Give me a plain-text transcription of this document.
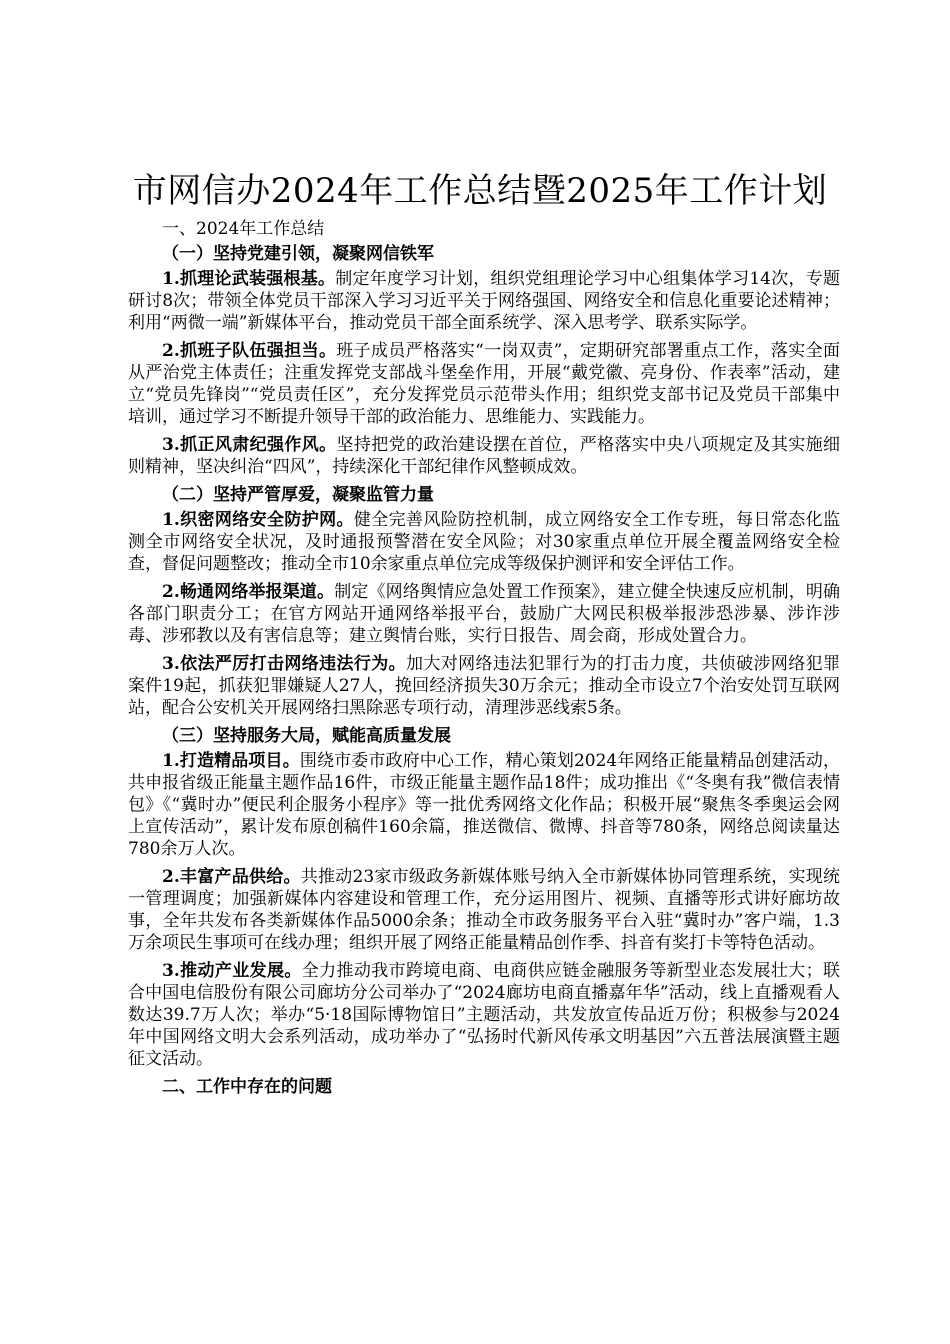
市网信办2024年工作总结暨2025年工作计划
一、2024年工作总结
（一）坚持党建引领，凝聚网信铁军

1.抓理论武装强根基。制定年度学习计划，组织党组理论学习中心组集体学习14次，专题研讨8次；带领全体党员干部深入学习习近平关于网络强国、网络安全和信息化重要论述精神；利用“两微一端”新媒体平台，推动党员干部全面系统学、深入思考学、联系实际学。

2.抓班子队伍强担当。班子成员严格落实“一岗双责”，定期研究部署重点工作，落实全面从严治党主体责任；注重发挥党支部战斗堡垒作用，开展“戴党徽、亮身份、作表率”活动，建立“党员先锋岗”“党员责任区”，充分发挥党员示范带头作用；组织党支部书记及党员干部集中培训，通过学习不断提升领导干部的政治能力、思维能力、实践能力。

3.抓正风肃纪强作风。坚持把党的政治建设摆在首位，严格落实中央八项规定及其实施细则精神，坚决纠治“四风”，持续深化干部纪律作风整顿成效。

（二）坚持严管厚爱，凝聚监管力量

1.织密网络安全防护网。健全完善风险防控机制，成立网络安全工作专班，每日常态化监测全市网络安全状况，及时通报预警潜在安全风险；对30家重点单位开展全覆盖网络安全检查，督促问题整改；推动全市10余家重点单位完成等级保护测评和安全评估工作。

2.畅通网络举报渠道。制定《网络舆情应急处置工作预案》，建立健全快速反应机制，明确各部门职责分工；在官方网站开通网络举报平台，鼓励广大网民积极举报涉恐涉暴、涉诈涉毒、涉邪教以及有害信息等；建立舆情台账，实行日报告、周会商，形成处置合力。

3.依法严厉打击网络违法行为。加大对网络违法犯罪行为的打击力度，共侦破涉网络犯罪案件19起，抓获犯罪嫌疑人27人，挽回经济损失30万余元；推动全市设立7个治安处罚互联网站，配合公安机关开展网络扫黑除恶专项行动，清理涉恶线索5条。

（三）坚持服务大局，赋能高质量发展

1.打造精品项目。围绕市委市政府中心工作，精心策划2024年网络正能量精品创建活动，共申报省级正能量主题作品16件，市级正能量主题作品18件；成功推出《“冬奥有我”微信表情包》《“冀时办”便民利企服务小程序》等一批优秀网络文化作品；积极开展“聚焦冬季奥运会网上宣传活动”，累计发布原创稿件160余篇，推送微信、微博、抖音等780条，网络总阅读量达780余万人次。

2.丰富产品供给。共推动23家市级政务新媒体账号纳入全市新媒体协同管理系统，实现统一管理调度；加强新媒体内容建设和管理工作，充分运用图片、视频、直播等形式讲好廊坊故事，全年共发布各类新媒体作品5000余条；推动全市政务服务平台入驻“冀时办”客户端，1.3万余项民生事项可在线办理；组织开展了网络正能量精品创作季、抖音有奖打卡等特色活动。

3.推动产业发展。全力推动我市跨境电商、电商供应链金融服务等新型业态发展壮大；联合中国电信股份有限公司廊坊分公司举办了“2024廊坊电商直播嘉年华”活动，线上直播观看人数达39.7万人次；举办“5·18国际博物馆日”主题活动，共发放宣传品近万份；积极参与2024年中国网络文明大会系列活动，成功举办了“弘扬时代新风传承文明基因”六五普法展演暨主题征文活动。

二、工作中存在的问题
